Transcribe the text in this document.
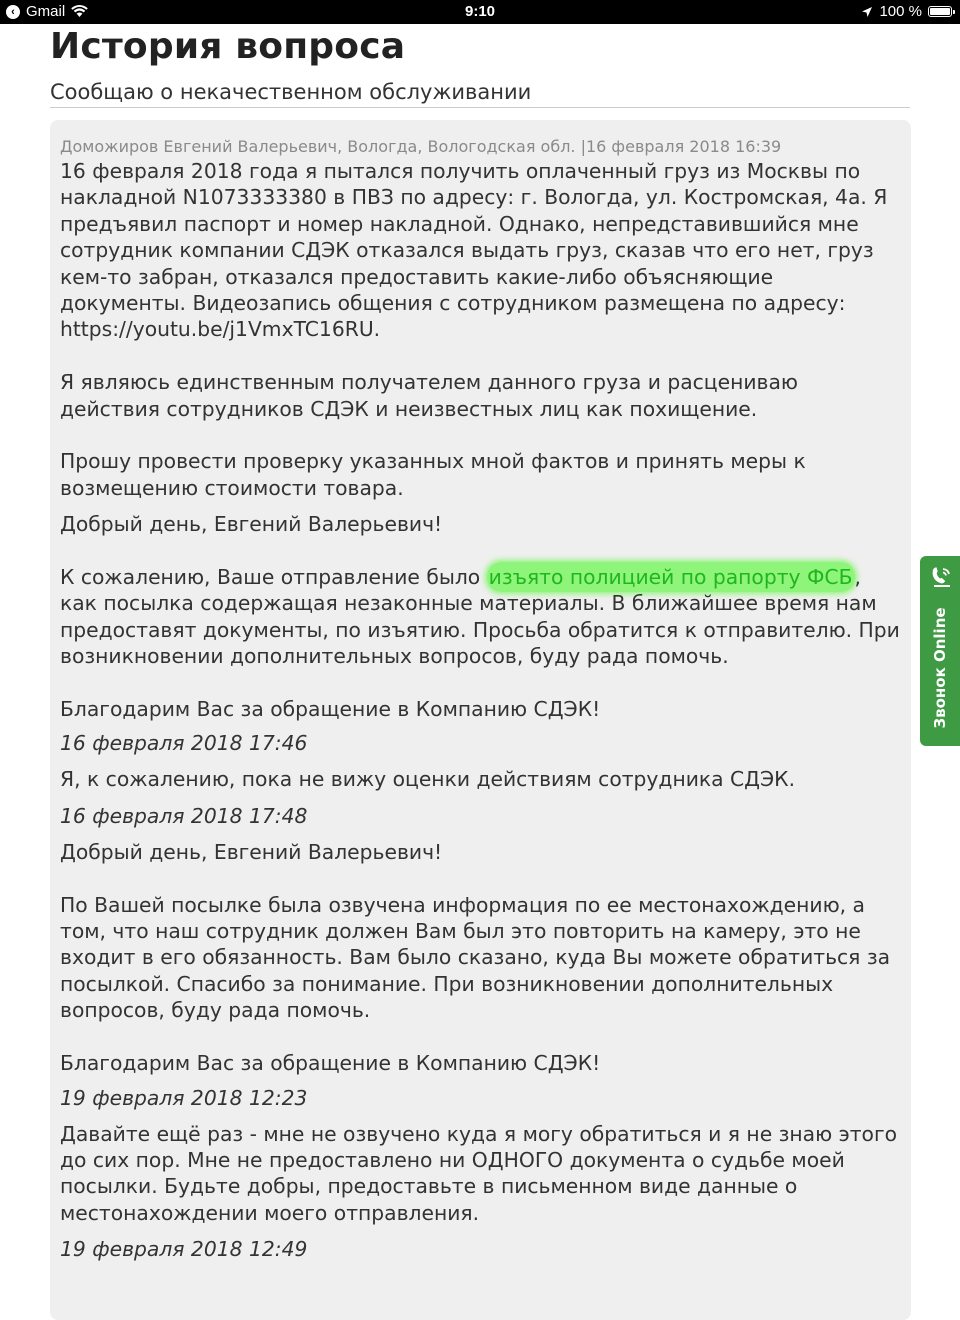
‹ Gmail	9:10	100 %
История вопроса
Сообщаю о некачественном обслуживании
Доможиров Евгений Валерьевич, Вологда, Вологодская обл. |16 февраля 2018 16:39

16 февраля 2018 года я пытался получить оплаченный груз из Москвы по накладной N1073333380 в ПВЗ по адресу: г. Вологда, ул. Костромская, 4а. Я предъявил паспорт и номер накладной. Однако, непредставившийся мне сотрудник компании СДЭК отказался выдать груз, сказав что его нет, груз кем-то забран, отказался предоставить какие-либо объясняющие документы. Видеозапись общения с сотрудником размещена по адресу: https://youtu.be/j1VmxTC16RU.

Я являюсь единственным получателем данного груза и расцениваю действия сотрудников СДЭК и неизвестных лиц как похищение.

Прошу провести проверку указанных мной фактов и принять меры к возмещению стоимости товара.

Добрый день, Евгений Валерьевич!

К сожалению, Ваше отправление было изъято полицией по рапорту ФСБ, как посылка содержащая незаконные материалы. В ближайшее время нам предоставят документы, по изъятию. Просьба обратится к отправителю. При возникновении дополнительных вопросов, буду рада помочь.

Благодарим Вас за обращение в Компанию СДЭК!

16 февраля 2018 17:46

Я, к сожалению, пока не вижу оценки действиям сотрудника СДЭК.

16 февраля 2018 17:48

Добрый день, Евгений Валерьевич!

По Вашей посылке была озвучена информация по ее местонахождению, а том, что наш сотрудник должен Вам был это повторить на камеру, это не входит в его обязанность. Вам было сказано, куда Вы можете обратиться за посылкой. Спасибо за понимание. При возникновении дополнительных вопросов, буду рада помочь.

Благодарим Вас за обращение в Компанию СДЭК!

19 февраля 2018 12:23

Давайте ещё раз - мне не озвучено куда я могу обратиться и я не знаю этого до сих пор. Мне не предоставлено ни ОДНОГО документа о судьбе моей посылки. Будьте добры, предоставьте в письменном виде данные о местонахождении моего отправления.

19 февраля 2018 12:49
Звонок Online
